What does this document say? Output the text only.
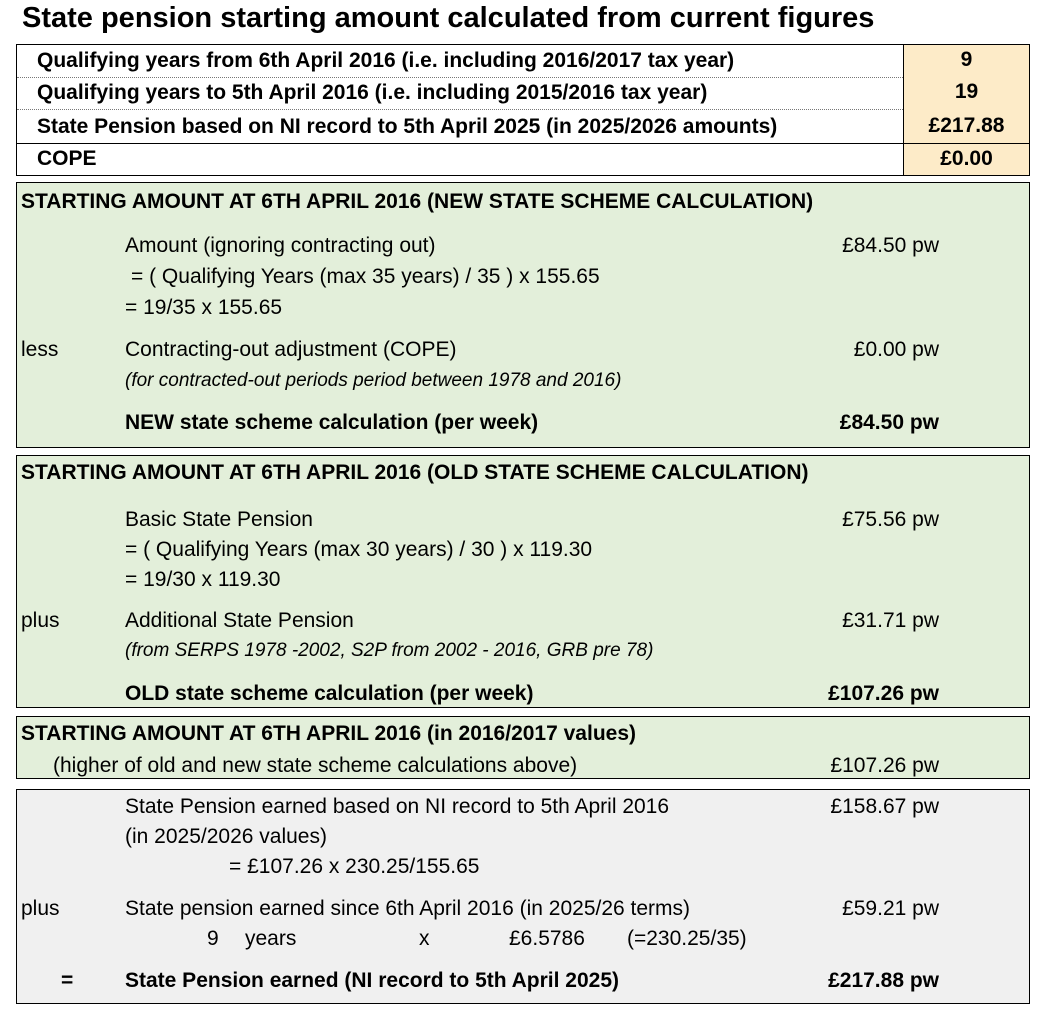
State pension starting amount calculated from current figures
Qualifying years from 6th April 2016 (i.e. including 2016/2017 tax year)	9
Qualifying years to 5th April 2016 (i.e. including 2015/2016 tax year)	19
State Pension based on NI record to 5th April 2025 (in 2025/2026 amounts)	£217.88
COPE	£0.00
STARTING AMOUNT AT 6TH APRIL 2016 (NEW STATE SCHEME CALCULATION)
Amount (ignoring contracting out)	£84.50 pw
= ( Qualifying Years (max 35 years) / 35 ) x 155.65
= 19/35 x 155.65
less	Contracting-out adjustment (COPE)	£0.00 pw
(for contracted-out periods period between 1978 and 2016)
NEW state scheme calculation (per week)	£84.50 pw
STARTING AMOUNT AT 6TH APRIL 2016 (OLD STATE SCHEME CALCULATION)
Basic State Pension	£75.56 pw
= ( Qualifying Years (max 30 years) / 30 ) x 119.30
= 19/30 x 119.30
plus	Additional State Pension	£31.71 pw
(from SERPS 1978 -2002, S2P from 2002 - 2016, GRB pre 78)
OLD state scheme calculation (per week)	£107.26 pw
STARTING AMOUNT AT 6TH APRIL 2016 (in 2016/2017 values)
(higher of old and new state scheme calculations above)	£107.26 pw
State Pension earned based on NI record to 5th April 2016	£158.67 pw
(in 2025/2026 values)
= £107.26 x 230.25/155.65
plus	State pension earned since 6th April 2016 (in 2025/26 terms)	£59.21 pw
9 years	x	£6.5786 (=230.25/35)
= State Pension earned (NI record to 5th April 2025)	£217.88 pw
